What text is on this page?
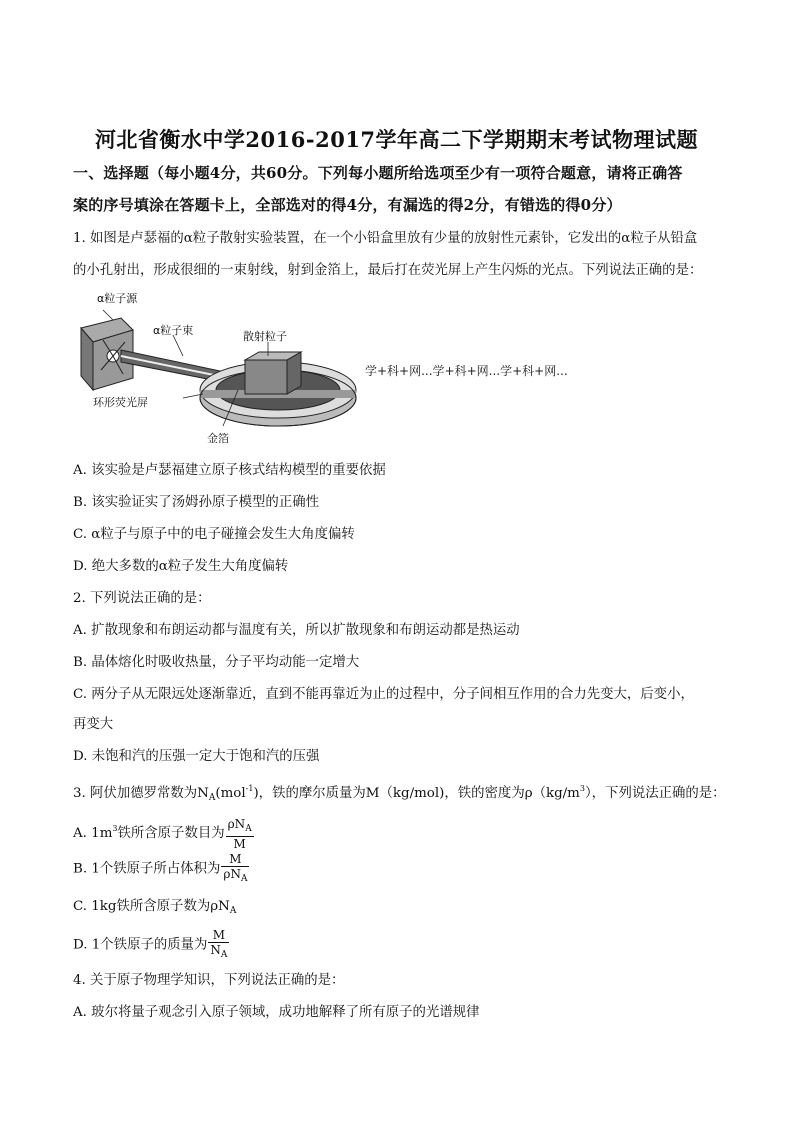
河北省衡水中学2016-2017学年高二下学期期末考试物理试题
一、选择题（每小题4分，共60分。下列每小题所给选项至少有一项符合题意，请将正确答
案的序号填涂在答题卡上，全部选对的得4分，有漏选的得2分，有错选的得0分）
1. 如图是卢瑟福的α粒子散射实验装置，在一个小铅盒里放有少量的放射性元素钋，它发出的α粒子从铅盒
的小孔射出，形成很细的一束射线，射到金箔上，最后打在荧光屏上产生闪烁的光点。下列说法正确的是：
α粒子源
α粒子束	散射粒子
环形荧光屏
金箔
学+科+网...学+科+网...学+科+网...
A. 该实验是卢瑟福建立原子核式结构模型的重要依据
B. 该实验证实了汤姆孙原子模型的正确性
C. α粒子与原子中的电子碰撞会发生大角度偏转
D. 绝大多数的α粒子发生大角度偏转
2. 下列说法正确的是：
A. 扩散现象和布朗运动都与温度有关，所以扩散现象和布朗运动都是热运动
B. 晶体熔化时吸收热量，分子平均动能一定增大
C. 两分子从无限远处逐渐靠近，直到不能再靠近为止的过程中，分子间相互作用的合力先变大，后变小，
再变大
D. 未饱和汽的压强一定大于饱和汽的压强
3. 阿伏加德罗常数为$N_A(mol^{-1})$，铁的摩尔质量为M（kg/mol)，铁的密度为$\rho(kg/m^3)$，下列说法正确的是：
A. $1m^3$铁所含原子数目为 $\frac{\rho N_A}{M}$
B. 1个铁原子所占体积为 $\frac{M}{\rho N_A}$
C. 1kg铁所含原子数为$\rho N_A$
D. 1个铁原子的质量为 $\frac{M}{N_A}$
4. 关于原子物理学知识，下列说法正确的是：
A. 玻尔将量子观念引入原子领域，成功地解释了所有原子的光谱规律
